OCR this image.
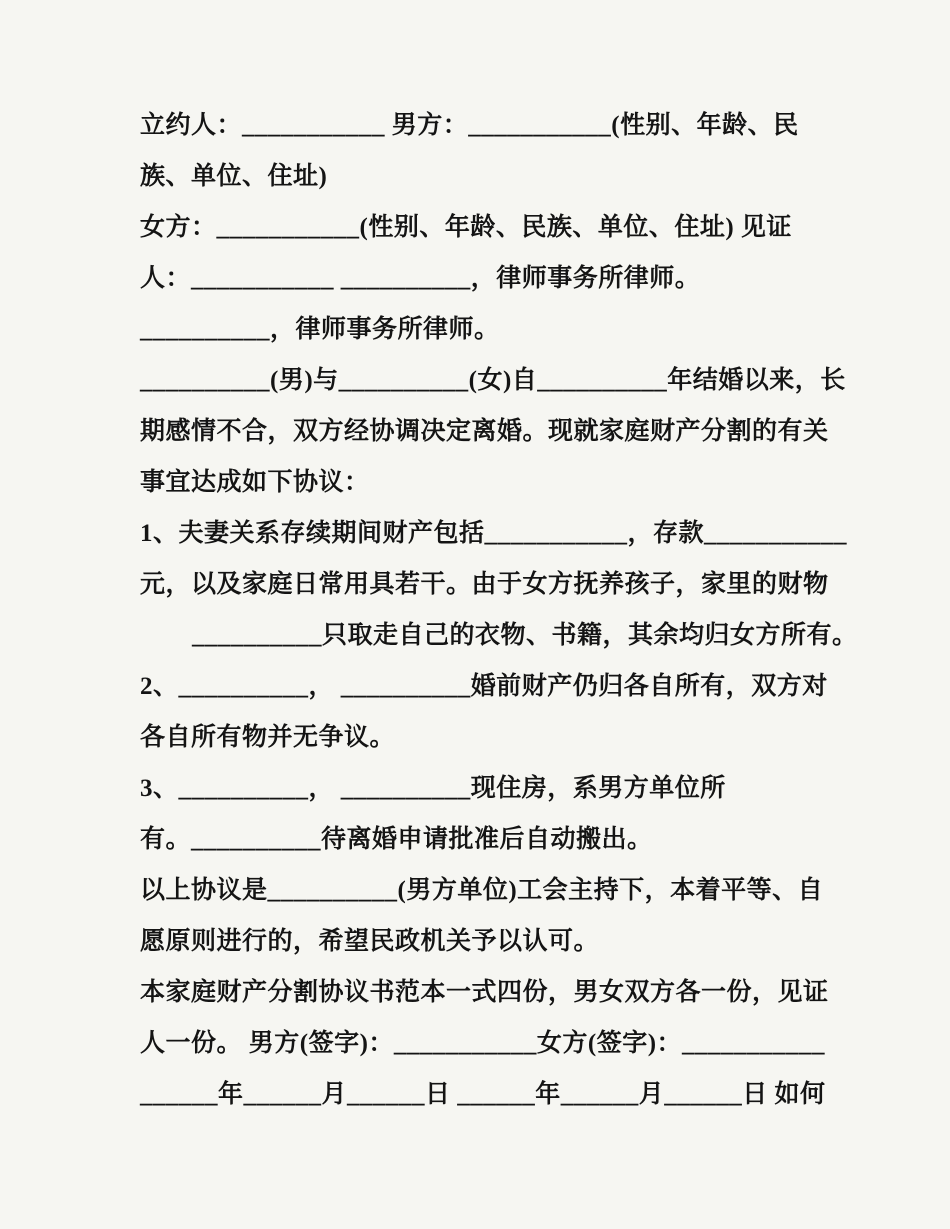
立约人：___________ 男方：___________(性别、年龄、民
族、单位、住址)
女方：___________(性别、年龄、民族、单位、住址) 见证
人：___________ __________，律师事务所律师。
__________，律师事务所律师。
__________(男)与__________(女)自__________年结婚以来，长
期感情不合，双方经协调决定离婚。现就家庭财产分割的有关
事宜达成如下协议：
1、夫妻关系存续期间财产包括___________，存款___________
元，以及家庭日常用具若干。由于女方抚养孩子，家里的财物
__________只取走自己的衣物、书籍，其余均归女方所有。
2、__________， __________婚前财产仍归各自所有，双方对
各自所有物并无争议。
3、__________， __________现住房，系男方单位所
有。__________待离婚申请批准后自动搬出。
以上协议是__________(男方单位)工会主持下，本着平等、自
愿原则进行的，希望民政机关予以认可。
本家庭财产分割协议书范本一式四份，男女双方各一份，见证
人一份。 男方(签字)：___________女方(签字)：___________
______年______月______日 ______年______月______日 如何
